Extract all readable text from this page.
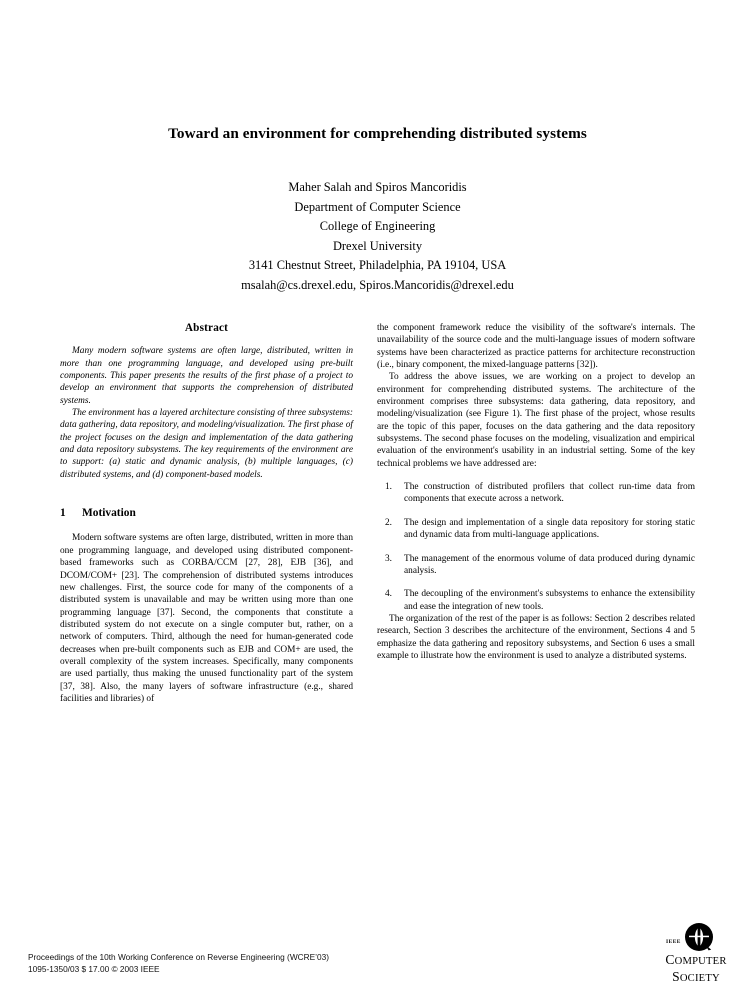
Toward an environment for comprehending distributed systems
Maher Salah and Spiros Mancoridis
Department of Computer Science
College of Engineering
Drexel University
3141 Chestnut Street, Philadelphia, PA 19104, USA
msalah@cs.drexel.edu, Spiros.Mancoridis@drexel.edu
Abstract

Many modern software systems are often large, distributed, written in more than one programming language, and developed using pre-built components. This paper presents the results of the first phase of a project to develop an environment that supports the comprehension of distributed systems.

The environment has a layered architecture consisting of three subsystems: data gathering, data repository, and modeling/visualization. The first phase of the project focuses on the design and implementation of the data gathering and data repository subsystems. The key requirements of the environment are to support: (a) static and dynamic analysis, (b) multiple languages, (c) distributed systems, and (d) component-based models.

1 Motivation

Modern software systems are often large, distributed, written in more than one programming language, and developed using distributed component-based frameworks such as CORBA/CCM [27, 28], EJB [36], and DCOM/COM+ [23]. The comprehension of distributed systems introduces new challenges. First, the source code for many of the components of a distributed system is unavailable and may be written using more than one programming language [37]. Second, the components that constitute a distributed system do not execute on a single computer but, rather, on a network of computers. Third, although the need for human-generated code decreases when pre-built components such as EJB and COM+ are used, the overall complexity of the system increases. Specifically, many components are used partially, thus making the unused functionality part of the system [37, 38]. Also, the many layers of software infrastructure (e.g., shared facilities and libraries) of

the component framework reduce the visibility of the software's internals. The unavailability of the source code and the multi-language issues of modern software systems have been characterized as practice patterns for architecture reconstruction (i.e., binary component, the mixed-language patterns [32]).

To address the above issues, we are working on a project to develop an environment for comprehending distributed systems. The architecture of the environment comprises three subsystems: data gathering, data repository, and modeling/visualization (see Figure 1). The first phase of the project, whose results are the topic of this paper, focuses on the data gathering and the data repository subsystems. The second phase focuses on the modeling, visualization and empirical evaluation of the environment's usability in an industrial setting. Some of the key technical problems we have addressed are:

The construction of distributed profilers that collect run-time data from components that execute across a network.
The design and implementation of a single data repository for storing static and dynamic data from multi-language applications.
The management of the enormous volume of data produced during dynamic analysis.
The decoupling of the environment's subsystems to enhance the extensibility and ease the integration of new tools.

The organization of the rest of the paper is as follows: Section 2 describes related research, Section 3 describes the architecture of the environment, Sections 4 and 5 emphasize the data gathering and repository subsystems, and Section 6 uses a small example to illustrate how the environment is used to analyze a distributed systems.

Proceedings of the 10th Working Conference on Reverse Engineering (WCRE’03)
1095-1350/03 $ 17.00 © 2003 IEEE
IEEE
COMPUTER
SOCIETY
